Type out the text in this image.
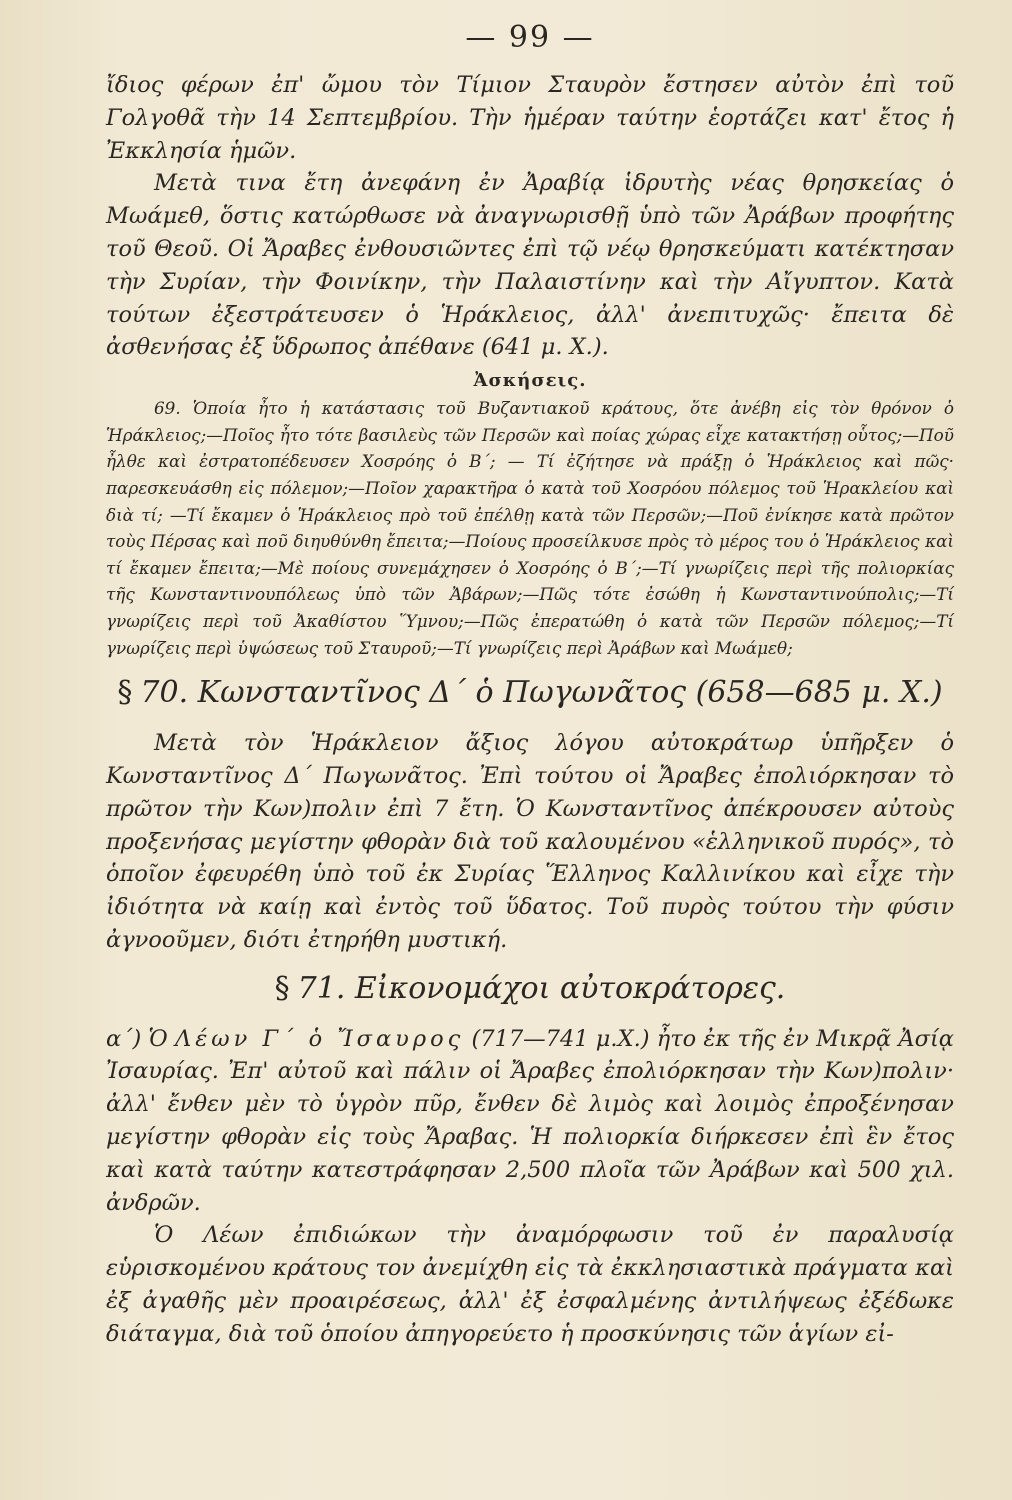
— 99 —

ἴδιος φέρων ἐπ' ὤμου τὸν Τίμιον Σταυρὸν ἔστησεν αὐτὸν ἐπὶ τοῦ Γολγοθᾶ τὴν 14 Σεπτεμβρίου. Τὴν ἡμέραν ταύτην ἑορτάζει κατ' ἔτος ἡ Ἐκκλησία ἡμῶν.

Μετὰ τινα ἔτη ἀνεφάνη ἐν Ἀραβίᾳ ἱδρυτὴς νέας θρησκείας ὁ Μωάμεθ, ὅστις κατώρθωσε νὰ ἀναγνωρισθῇ ὑπὸ τῶν Ἀράβων προφήτης τοῦ Θεοῦ. Οἱ Ἄραβες ἐνθουσιῶντες ἐπὶ τῷ νέῳ θρησκεύματι κατέκτησαν τὴν Συρίαν, τὴν Φοινίκην, τὴν Παλαιστίνην καὶ τὴν Αἴγυπτον. Κατὰ τούτων ἐξεστράτευσεν ὁ Ἡράκλειος, ἀλλ' ἀνεπιτυχῶς· ἔπειτα δὲ ἀσθενήσας ἐξ ὕδρωπος ἀπέθανε (641 μ. Χ.).

Ἀσκήσεις.

69. Ὁποία ἦτο ἡ κατάστασις τοῦ Βυζαντιακοῦ κράτους, ὅτε ἀνέβη εἰς τὸν θρόνον ὁ Ἡράκλειος;—Ποῖος ἦτο τότε βασιλεὺς τῶν Περσῶν καὶ ποίας χώρας εἶχε κατακτήσῃ οὗτος;—Ποῦ ἦλθε καὶ ἐστρατοπέδευσεν Χοσρόης ὁ Β΄; — Τί ἐζήτησε νὰ πράξῃ ὁ Ἡράκλειος καὶ πῶς· παρεσκευάσθη εἰς πόλεμον;—Ποῖον χαρακτῆρα ὁ κατὰ τοῦ Χοσρόου πόλεμος τοῦ Ἡρακλείου καὶ διὰ τί; —Τί ἔκαμεν ὁ Ἡράκλειος πρὸ τοῦ ἐπέλθῃ κατὰ τῶν Περσῶν;—Ποῦ ἐνίκησε κατὰ πρῶτον τοὺς Πέρσας καὶ ποῦ διηυθύνθη ἔπειτα;—Ποίους προσείλκυσε πρὸς τὸ μέρος του ὁ Ἡράκλειος καὶ τί ἔκαμεν ἔπειτα;—Μὲ ποίους συνεμάχησεν ὁ Χοσρόης ὁ Β΄;—Τί γνωρίζεις περὶ τῆς πολιορκίας τῆς Κωνσταντινουπόλεως ὑπὸ τῶν Ἀβάρων;—Πῶς τότε ἐσώθη ἡ Κωνσταντινούπολις;—Τί γνωρίζεις περὶ τοῦ Ἀκαθίστου Ὕμνου;—Πῶς ἐπερατώθη ὁ κατὰ τῶν Περσῶν πόλεμος;—Τί γνωρίζεις περὶ ὑψώσεως τοῦ Σταυροῦ;—Τί γνωρίζεις περὶ Ἀράβων καὶ Μωάμεθ;

§ 70. Κωνσταντῖνος Δ΄ ὁ Πωγωνᾶτος (658—685 μ. Χ.)

Μετὰ τὸν Ἡράκλειον ἄξιος λόγου αὐτοκράτωρ ὑπῆρξεν ὁ Κωνσταντῖνος Δ΄ Πωγωνᾶτος. Ἐπὶ τούτου οἱ Ἄραβες ἐπολιόρκησαν τὸ πρῶτον τὴν Κων)πολιν ἐπὶ 7 ἔτη. Ὁ Κωνσταντῖνος ἀπέκρουσεν αὐτοὺς προξενήσας μεγίστην φθορὰν διὰ τοῦ καλουμένου «ἑλληνικοῦ πυρός», τὸ ὁποῖον ἐφευρέθη ὑπὸ τοῦ ἐκ Συρίας Ἕλληνος Καλλινίκου καὶ εἶχε τὴν ἰδιότητα νὰ καίῃ καὶ ἐντὸς τοῦ ὕδατος. Τοῦ πυρὸς τούτου τὴν φύσιν ἀγνοοῦμεν, διότι ἐτηρήθη μυστική.

§ 71. Εἰκονομάχοι αὐτοκράτορες.

α΄) Ὁ Λέων Γ΄ ὁ Ἴσαυρος (717—741 μ.Χ.) ἦτο ἐκ τῆς ἐν Μικρᾷ Ἀσίᾳ Ἰσαυρίας. Ἐπ' αὐτοῦ καὶ πάλιν οἱ Ἄραβες ἐπολιόρκησαν τὴν Κων)πολιν· ἀλλ' ἔνθεν μὲν τὸ ὑγρὸν πῦρ, ἔνθεν δὲ λιμὸς καὶ λοιμὸς ἐπροξένησαν μεγίστην φθορὰν εἰς τοὺς Ἄραβας. Ἡ πολιορκία διήρκεσεν ἐπὶ ἓν ἔτος καὶ κατὰ ταύτην κατεστράφησαν 2,500 πλοῖα τῶν Ἀράβων καὶ 500 χιλ. ἀνδρῶν.

Ὁ Λέων ἐπιδιώκων τὴν ἀναμόρφωσιν τοῦ ἐν παραλυσίᾳ εὑρισκομένου κράτους τον ἀνεμίχθη εἰς τὰ ἐκκλησιαστικὰ πράγματα καὶ ἐξ ἀγαθῆς μὲν προαιρέσεως, ἀλλ' ἐξ ἐσφαλμένης ἀντιλήψεως ἐξέδωκε διάταγμα, διὰ τοῦ ὁποίου ἀπηγορεύετο ἡ προσκύνησις τῶν ἁγίων εἰ-
